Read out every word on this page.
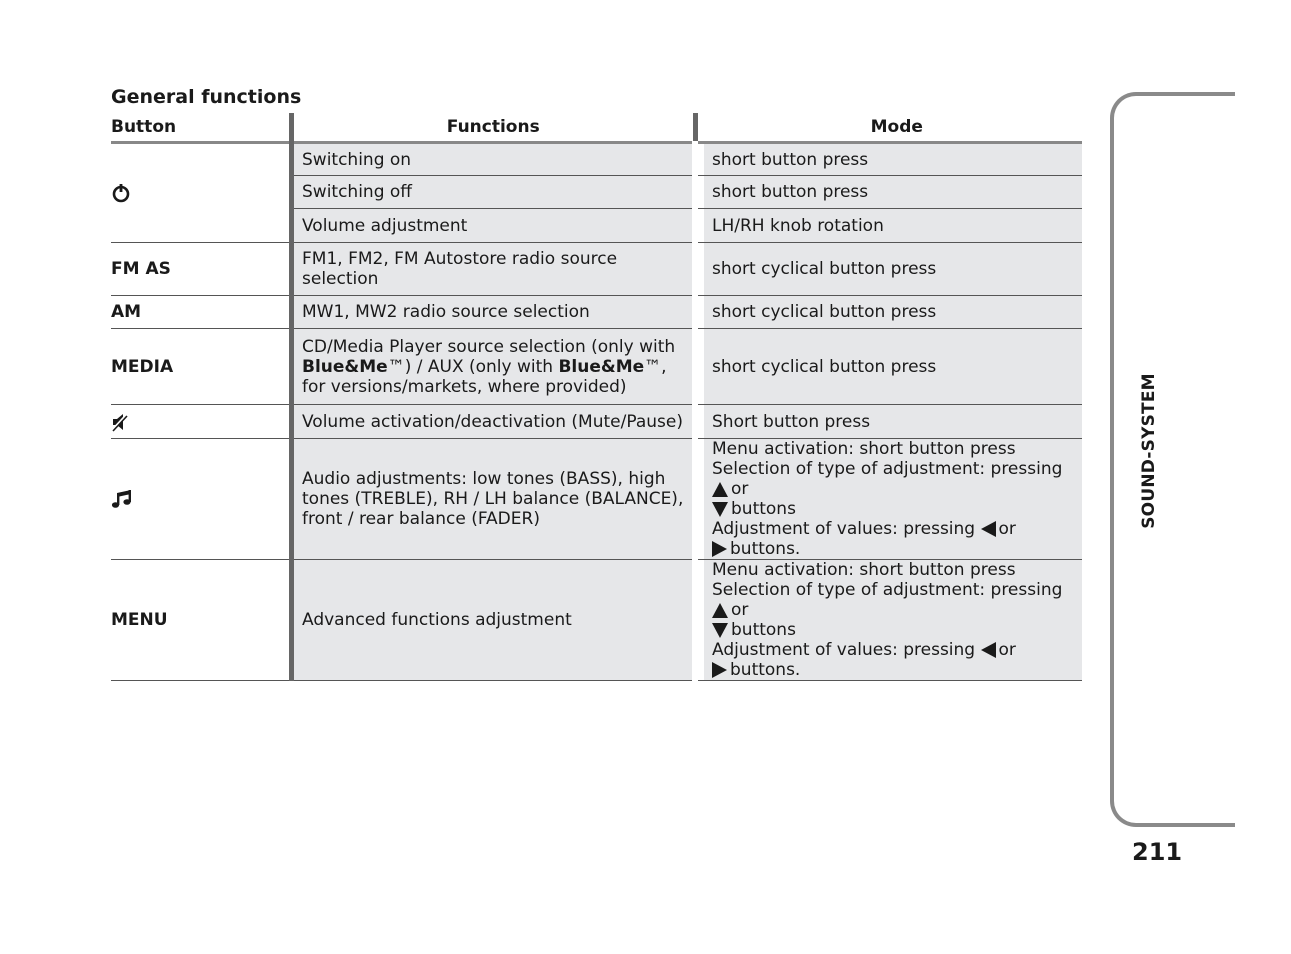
General functions
Button	Functions	Mode
	Switching on	short button press
	Switching off	short button press
	Volume adjustment	LH/RH knob rotation
FM AS	FM1, FM2, FM Autostore radio source selection	short cyclical button press
AM	MW1, MW2 radio source selection	short cyclical button press
MEDIA	CD/Media Player source selection (only with Blue&Me™) / AUX (only with Blue&Me™, for versions/markets, where provided)	short cyclical button press
	Volume activation/deactivation (Mute/Pause)	Short button press
	Audio adjustments: low tones (BASS), high tones (TREBLE), RH / LH balance (BALANCE), front / rear balance (FADER)	Menu activation: short button press
Selection of type of adjustment: pressing or
buttons
Adjustment of values: pressing or
buttons.

MENU	Advanced functions adjustment	Menu activation: short button press
Selection of type of adjustment: pressing or
buttons
Adjustment of values: pressing or
buttons.
SOUND-SYSTEM
211
